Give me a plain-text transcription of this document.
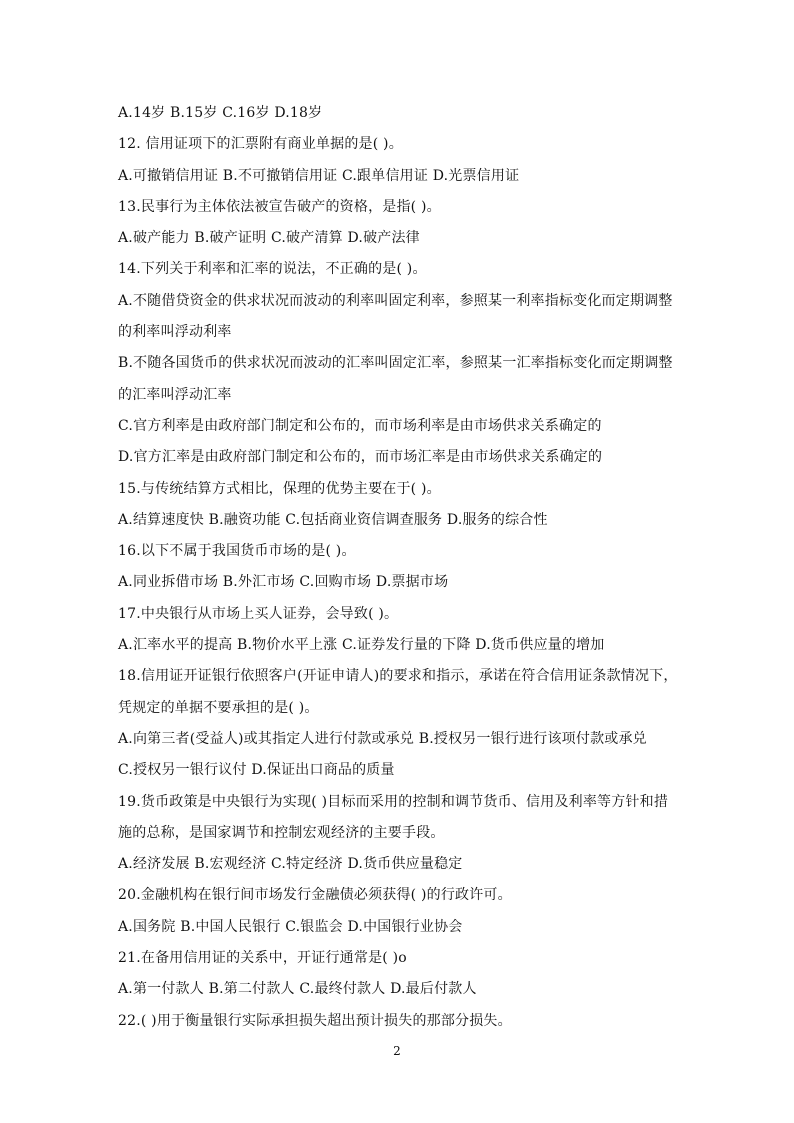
A.14岁 B.15岁 C.16岁 D.18岁
12. 信用证项下的汇票附有商业单据的是( )。
A.可撤销信用证 B.不可撤销信用证 C.跟单信用证 D.光票信用证
13.民事行为主体依法被宣告破产的资格，是指( )。
A.破产能力 B.破产证明 C.破产清算 D.破产法律
14.下列关于利率和汇率的说法，不正确的是( )。
A.不随借贷资金的供求状况而波动的利率叫固定利率，参照某一利率指标变化而定期调整
的利率叫浮动利率
B.不随各国货币的供求状况而波动的汇率叫固定汇率，参照某一汇率指标变化而定期调整
的汇率叫浮动汇率
C.官方利率是由政府部门制定和公布的，而市场利率是由市场供求关系确定的
D.官方汇率是由政府部门制定和公布的，而市场汇率是由市场供求关系确定的
15.与传统结算方式相比，保理的优势主要在于( )。
A.结算速度快 B.融资功能 C.包括商业资信调查服务 D.服务的综合性
16.以下不属于我国货币市场的是( )。
A.同业拆借市场 B.外汇市场 C.回购市场 D.票据市场
17.中央银行从市场上买人证券，会导致( )。
A.汇率水平的提高 B.物价水平上涨 C.证券发行量的下降 D.货币供应量的增加
18.信用证开证银行依照客户(开证申请人)的要求和指示，承诺在符合信用证条款情况下，
凭规定的单据不要承担的是( )。
A.向第三者(受益人)或其指定人进行付款或承兑 B.授权另一银行进行该项付款或承兑
C.授权另一银行议付 D.保证出口商品的质量
19.货币政策是中央银行为实现( )目标而采用的控制和调节货币、信用及利率等方针和措
施的总称，是国家调节和控制宏观经济的主要手段。
A.经济发展 B.宏观经济 C.特定经济 D.货币供应量稳定
20.金融机构在银行间市场发行金融债必须获得( )的行政许可。
A.国务院 B.中国人民银行 C.银监会 D.中国银行业协会
21.在备用信用证的关系中，开证行通常是( )o
A.第一付款人 B.第二付款人 C.最终付款人 D.最后付款人
22.( )用于衡量银行实际承担损失超出预计损失的那部分损失。
2
